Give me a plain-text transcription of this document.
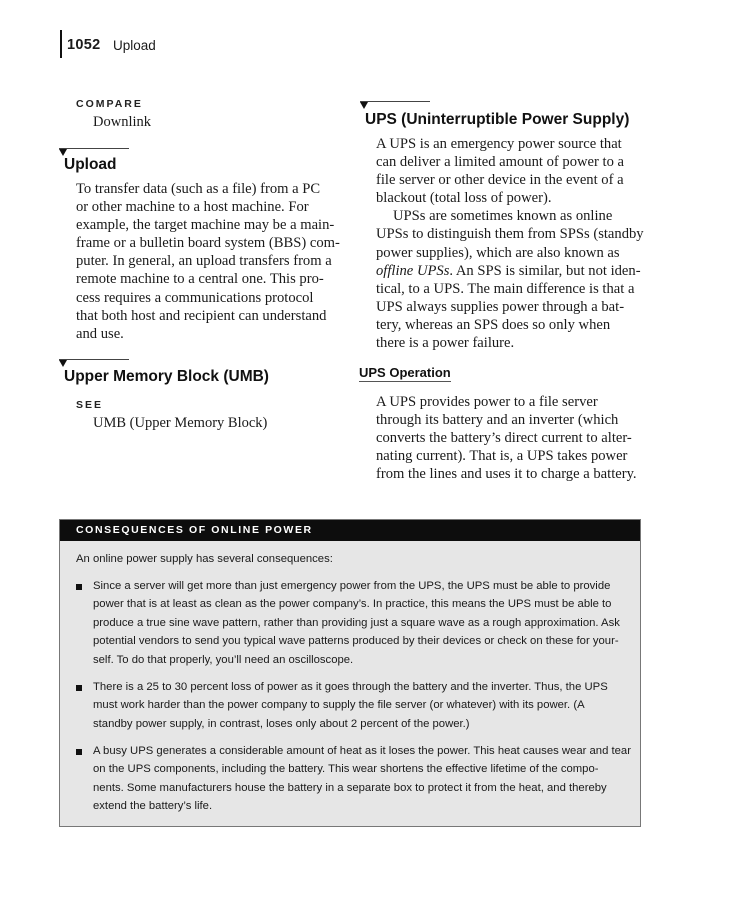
1052 Upload
COMPARE
Downlink
Upload
To transfer data (such as a file) from a PC
or other machine to a host machine. For
example, the target machine may be a main-
frame or a bulletin board system (BBS) com-
puter. In general, an upload transfers from a
remote machine to a central one. This pro-
cess requires a communications protocol
that both host and recipient can understand
and use.
Upper Memory Block (UMB)
SEE
UMB (Upper Memory Block)
UPS (Uninterruptible Power Supply)
A UPS is an emergency power source that
can deliver a limited amount of power to a
file server or other device in the event of a
blackout (total loss of power).
UPSs are sometimes known as online
UPSs to distinguish them from SPSs (standby
power supplies), which are also known as
offline UPSs. An SPS is similar, but not iden-
tical, to a UPS. The main difference is that a
UPS always supplies power through a bat-
tery, whereas an SPS does so only when
there is a power failure.
UPS Operation
A UPS provides power to a file server
through its battery and an inverter (which
converts the battery’s direct current to alter-
nating current). That is, a UPS takes power
from the lines and uses it to charge a battery.
CONSEQUENCES OF ONLINE POWER
An online power supply has several consequences:
Since a server will get more than just emergency power from the UPS, the UPS must be able to provide
power that is at least as clean as the power company’s. In practice, this means the UPS must be able to
produce a true sine wave pattern, rather than providing just a square wave as a rough approximation. Ask
potential vendors to send you typical wave patterns produced by their devices or check on these for your-
self. To do that properly, you’ll need an oscilloscope.
There is a 25 to 30 percent loss of power as it goes through the battery and the inverter. Thus, the UPS
must work harder than the power company to supply the file server (or whatever) with its power. (A
standby power supply, in contrast, loses only about 2 percent of the power.)
A busy UPS generates a considerable amount of heat as it loses the power. This heat causes wear and tear
on the UPS components, including the battery. This wear shortens the effective lifetime of the compo-
nents. Some manufacturers house the battery in a separate box to protect it from the heat, and thereby
extend the battery’s life.
